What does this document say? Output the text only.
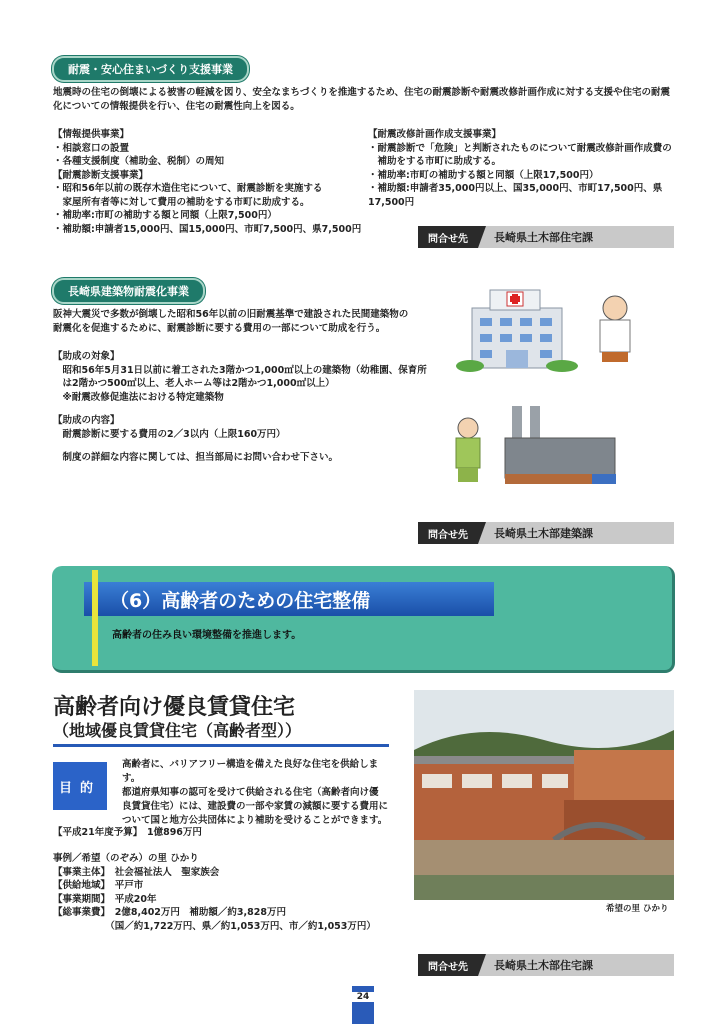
耐震・安心住まいづくり支援事業
地震時の住宅の倒壊による被害の軽減を図り、安全なまちづくりを推進するため、住宅の耐震診断や耐震改修計画作成に対する支援や住宅の耐震
化についての情報提供を行い、住宅の耐震性向上を図る。
【情報提供事業】
・相談窓口の設置
・各種支援制度（補助金、税制）の周知
【耐震診断支援事業】
・昭和56年以前の既存木造住宅について、耐震診断を実施する
　家屋所有者等に対して費用の補助をする市町に助成する。
・補助率:市町の補助する額と同額（上限7,500円）
・補助額:申請者15,000円、国15,000円、市町7,500円、県7,500円
【耐震改修計画作成支援事業】
・耐震診断で「危険」と判断されたものについて耐震改修計画作成費の
　補助をする市町に助成する。
・補助率:市町の補助する額と同額（上限17,500円）
・補助額:申請者35,000円以上、国35,000円、市町17,500円、県17,500円
問合せ先	長崎県土木部住宅課
長崎県建築物耐震化事業
阪神大震災で多数が倒壊した昭和56年以前の旧耐震基準で建設された民間建築物の
耐震化を促進するために、耐震診断に要する費用の一部について助成を行う。
【助成の対象】
　昭和56年5月31日以前に着工された3階かつ1,000㎡以上の建築物（幼稚園、保育所
　は2階かつ500㎡以上、老人ホーム等は2階かつ1,000㎡以上）
　※耐震改修促進法における特定建築物
【助成の内容】
　耐震診断に要する費用の2／3以内（上限160万円）
　制度の詳細な内容に関しては、担当部局にお問い合わせ下さい。
問合せ先	長崎県土木部建築課
（6）高齢者のための住宅整備
高齢者の住み良い環境整備を推進します。
高齢者向け優良賃貸住宅
（地域優良賃貸住宅（高齢者型））
目的
高齢者に、バリアフリー構造を備えた良好な住宅を供給します。
都道府県知事の認可を受けて供給される住宅（高齢者向け優
良賃貸住宅）には、建設費の一部や家賃の減額に要する費用に
ついて国と地方公共団体により補助を受けることができます。
【平成21年度予算】　1億896万円
事例／希望（のぞみ）の里 ひかり
【事業主体】　社会福祉法人　聖家族会
【供給地域】　平戸市
【事業期間】　平成20年
【総事業費】　2億8,402万円　補助額／約3,828万円
　　　　　　（国／約1,722万円、県／約1,053万円、市／約1,053万円）
希望の里 ひかり
問合せ先	長崎県土木部住宅課
24
